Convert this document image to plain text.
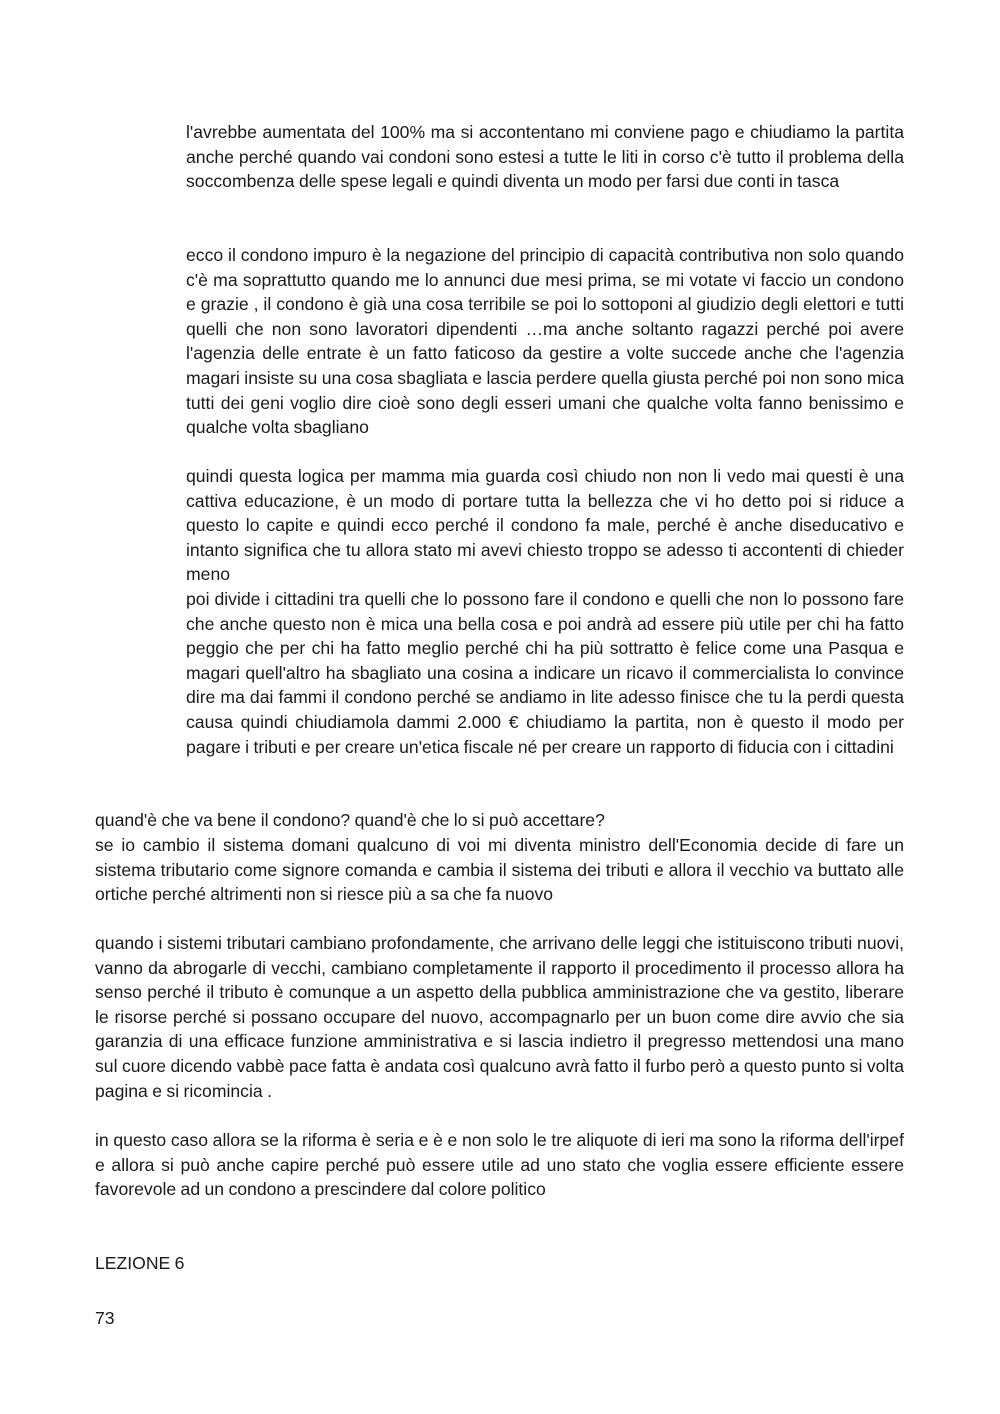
l'avrebbe aumentata del 100% ma si accontentano mi conviene pago e chiudiamo la partita anche perché quando vai condoni sono estesi a tutte le liti in corso c'è tutto il problema della soccombenza delle spese legali e quindi diventa un modo per farsi due conti in tasca

ecco il condono impuro è la negazione del principio di capacità contributiva non solo quando c'è ma soprattutto quando me lo annunci due mesi prima, se mi votate vi faccio un condono e grazie , il condono è già una cosa terribile se poi lo sottoponi al giudizio degli elettori e tutti quelli che non sono lavoratori dipendenti …ma anche soltanto ragazzi perché poi avere l'agenzia delle entrate è un fatto faticoso da gestire a volte succede anche che l'agenzia magari insiste su una cosa sbagliata e lascia perdere quella giusta perché poi non sono mica tutti dei geni voglio dire cioè sono degli esseri umani che qualche volta fanno benissimo e qualche volta sbagliano

quindi questa logica per mamma mia guarda così chiudo non non li vedo mai questi è una cattiva educazione, è un modo di portare tutta la bellezza che vi ho detto poi si riduce a questo lo capite e quindi ecco perché il condono fa male, perché è anche diseducativo e intanto significa che tu allora stato mi avevi chiesto troppo se adesso ti accontenti di chieder meno

poi divide i cittadini tra quelli che lo possono fare il condono e quelli che non lo possono fare che anche questo non è mica una bella cosa e poi andrà ad essere più utile per chi ha fatto peggio che per chi ha fatto meglio perché chi ha più sottratto è felice come una Pasqua e magari quell'altro ha sbagliato una cosina a indicare un ricavo il commercialista lo convince dire ma dai fammi il condono perché se andiamo in lite adesso finisce che tu la perdi questa causa quindi chiudiamola dammi 2.000 € chiudiamo la partita, non è questo il modo per pagare i tributi e per creare un'etica fiscale né per creare un rapporto di fiducia con i cittadini

quand'è che va bene il condono? quand'è che lo si può accettare?

se io cambio il sistema domani qualcuno di voi mi diventa ministro dell'Economia decide di fare un sistema tributario come signore comanda e cambia il sistema dei tributi e allora il vecchio va buttato alle ortiche perché altrimenti non si riesce più a sa che fa nuovo

quando i sistemi tributari cambiano profondamente, che arrivano delle leggi che istituiscono tributi nuovi, vanno da abrogarle di vecchi, cambiano completamente il rapporto il procedimento il processo allora ha senso perché il tributo è comunque a un aspetto della pubblica amministrazione che va gestito, liberare le risorse perché si possano occupare del nuovo, accompagnarlo per un buon come dire avvio che sia garanzia di una efficace funzione amministrativa e si lascia indietro il pregresso mettendosi una mano sul cuore dicendo vabbè pace fatta è andata così qualcuno avrà fatto il furbo però a questo punto si volta pagina e si ricomincia .

in questo caso allora se la riforma è seria e è e non solo le tre aliquote di ieri ma sono la riforma dell'irpef e allora si può anche capire perché può essere utile ad uno stato che voglia essere efficiente essere favorevole ad un condono a prescindere dal colore politico

LEZIONE 6

73
